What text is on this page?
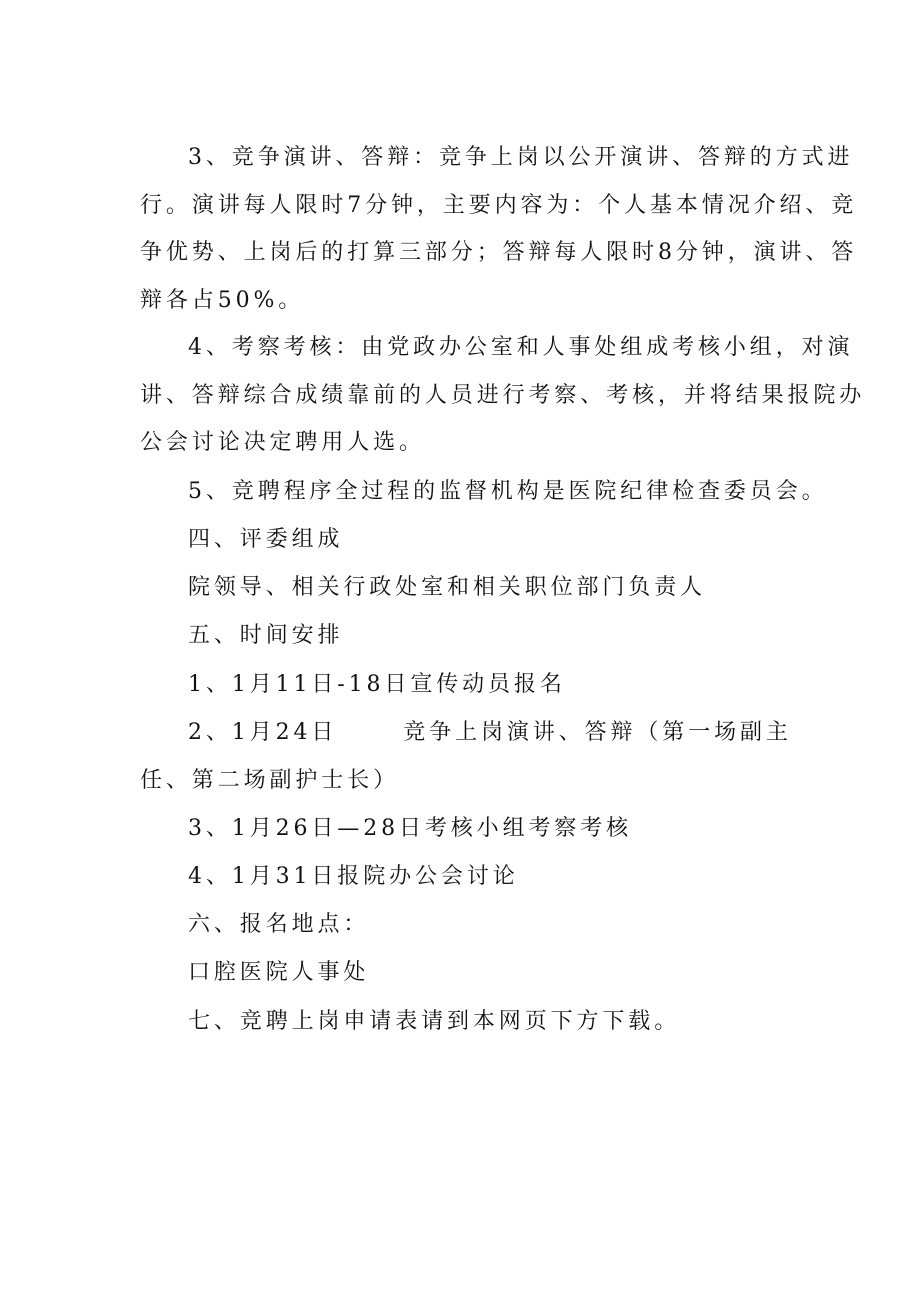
3、竞争演讲、答辩：竞争上岗以公开演讲、答辩的方式进
行。演讲每人限时7分钟，主要内容为：个人基本情况介绍、竞
争优势、上岗后的打算三部分；答辩每人限时8分钟，演讲、答
辩各占50%。
4、考察考核：由党政办公室和人事处组成考核小组，对演
讲、答辩综合成绩靠前的人员进行考察、考核，并将结果报院办
公会讨论决定聘用人选。

5、竞聘程序全过程的监督机构是医院纪律检查委员会。

四、评委组成

院领导、相关行政处室和相关职位部门负责人

五、时间安排

1、1月11日-18日宣传动员报名

2、1月24日	竞争上岗演讲、答辩（第一场副主

任、第二场副护士长）

3、1月26日—28日考核小组考察考核

4、1月31日报院办公会讨论

六、报名地点：

口腔医院人事处

七、竞聘上岗申请表请到本网页下方下载。
